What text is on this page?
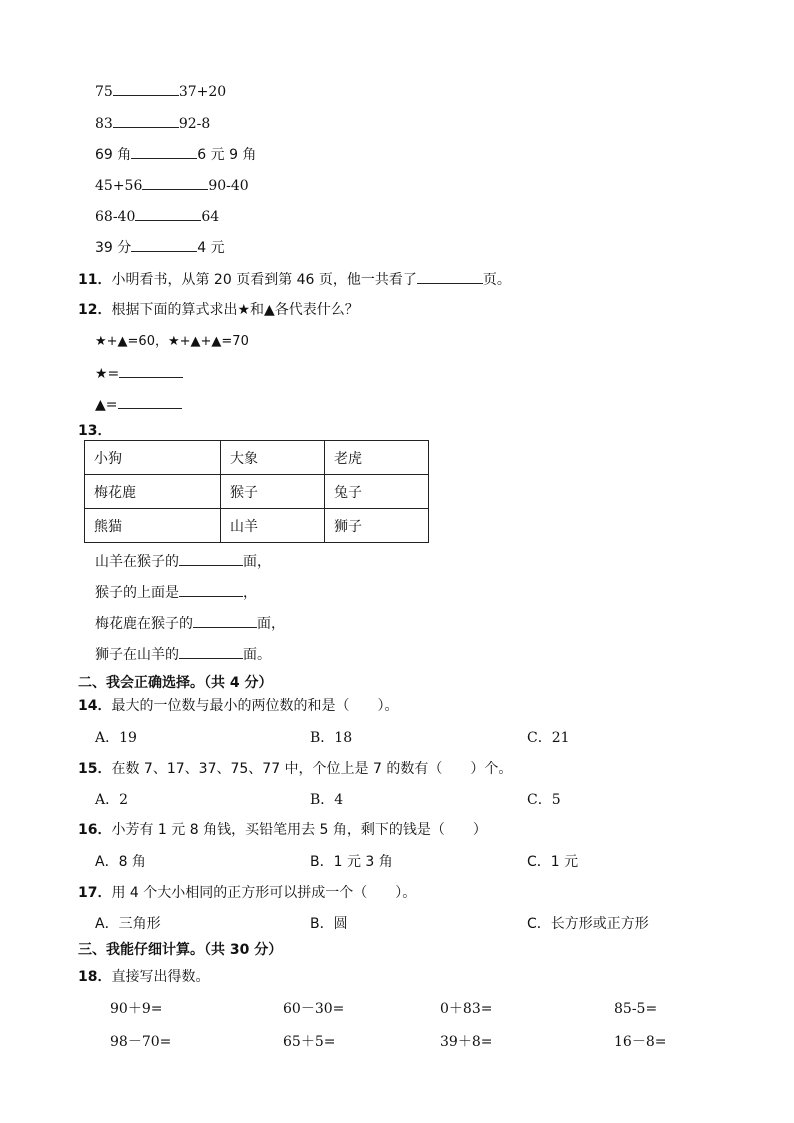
75	37+20
83	92-8
69 角	6 元 9 角
45+56	90-40
68-40	64
39 分	4 元
11．小明看书，从第 20 页看到第 46 页，他一共看了	页。
12．根据下面的算式求出★和▲各代表什么？
★+▲=60，★+▲+▲=70
★=
▲=
13．
小狗	大象	老虎
梅花鹿	猴子	兔子
熊猫	山羊	狮子
山羊在猴子的	面，
猴子的上面是	，
梅花鹿在猴子的	面，
狮子在山羊的	面。
二、我会正确选择。（共 4 分）
14．最大的一位数与最小的两位数的和是（　　）。
A．19	B．18	C．21
15．在数 7、17、37、75、77 中，个位上是 7 的数有（　　）个。
A．2	B．4	C．5
16．小芳有 1 元 8 角钱，买铅笔用去 5 角，剩下的钱是（　　）
A．8 角	B．1 元 3 角	C．1 元
17．用 4 个大小相同的正方形可以拼成一个（　　）。
A．三角形	B．圆	C．长方形或正方形
三、我能仔细计算。（共 30 分）
18．直接写出得数。
90＋9=	60－30=	0＋83=	85-5=
98－70=	65＋5=	39＋8=	16－8=
